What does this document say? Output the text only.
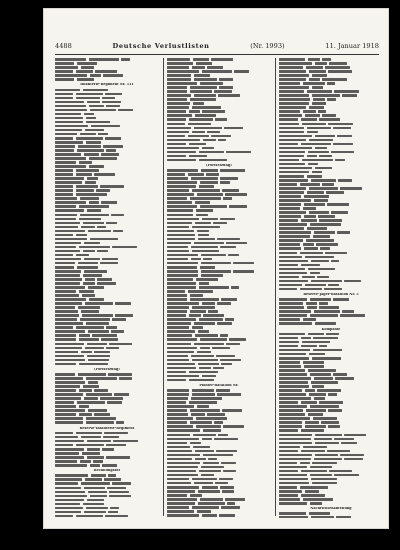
4488	Deutsche Verlustlisten	(Nr. 1993)	11. Januar 1918
Infanterie-Regiment Nr. 111
(Fortsetzung)
Reserve-Infanterie-Regiment
Rechnungsrat
(Fortsetzung)
Pionier-Bataillon Nr.
Reserve-Jäger-Bataillon Nr. 5
Kompanie
Nachrichtenabteilung
